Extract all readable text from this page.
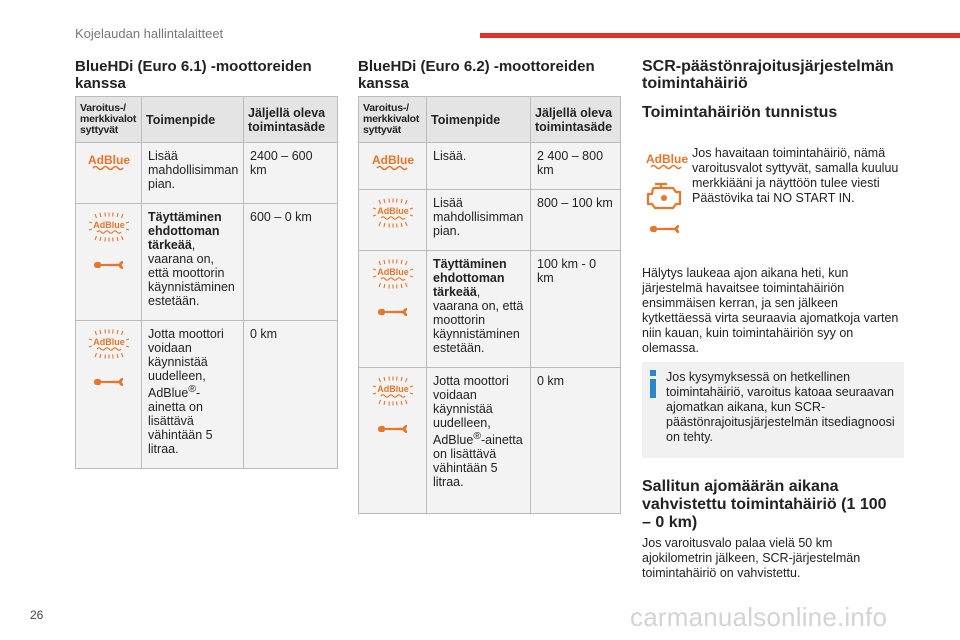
Kojelaudan hallintalaitteet
BlueHDi (Euro 6.1) -moottoreiden kanssa
Varoitus-/ merkkivalot syttyvät	Toimenpide	Jäljellä oleva toimintasäde

AdBlue	Lisää mahdollisimman pian.	2400 – 600 km

AdBlue	Täyttäminen ehdottoman tärkeää, vaarana on, että moottorin käynnistäminen estetään.	600 – 0 km

AdBlue	Jotta moottori voidaan käynnistää uudelleen, AdBlue®-ainetta on lisättävä vähintään 5 litraa.	0 km
BlueHDi (Euro 6.2) -moottoreiden kanssa
Varoitus-/ merkkivalot syttyvät	Toimenpide	Jäljellä oleva toimintasäde

AdBlue	Lisää.	2 400 – 800 km

AdBlue	Lisää mahdollisimman pian.	800 – 100 km

AdBlue	Täyttäminen ehdottoman tärkeää, vaarana on, että moottorin käynnistäminen estetään.	100 km - 0 km

AdBlue	Jotta moottori voidaan käynnistää uudelleen, AdBlue®-ainetta on lisättävä vähintään 5 litraa.	0 km
SCR-päästönrajoitusjärjestelmän toimintahäiriö
Toimintahäiriön tunnistus
AdBlue Jos havaitaan toimintahäiriö, nämä varoitusvalot syttyvät, samalla kuuluu merkkiääni ja näyttöön tulee viesti Päästövika tai NO START IN.
Hälytys laukeaa ajon aikana heti, kun järjestelmä havaitsee toimintahäiriön ensimmäisen kerran, ja sen jälkeen kytkettäessä virta seuraavia ajomatkoja varten niin kauan, kuin toimintahäiriön syy on olemassa.
Jos kysymyksessä on hetkellinen toimintahäiriö, varoitus katoaa seuraavan ajomatkan aikana, kun SCR-päästönrajoitusjärjestelmän itsediagnoosi on tehty.
Sallitun ajomäärän aikana vahvistettu toimintahäiriö (1 100 – 0 km)
Jos varoitusvalo palaa vielä 50 km ajokilometrin jälkeen, SCR-järjestelmän toimintahäiriö on vahvistettu.
26	carmanualsonline.info
